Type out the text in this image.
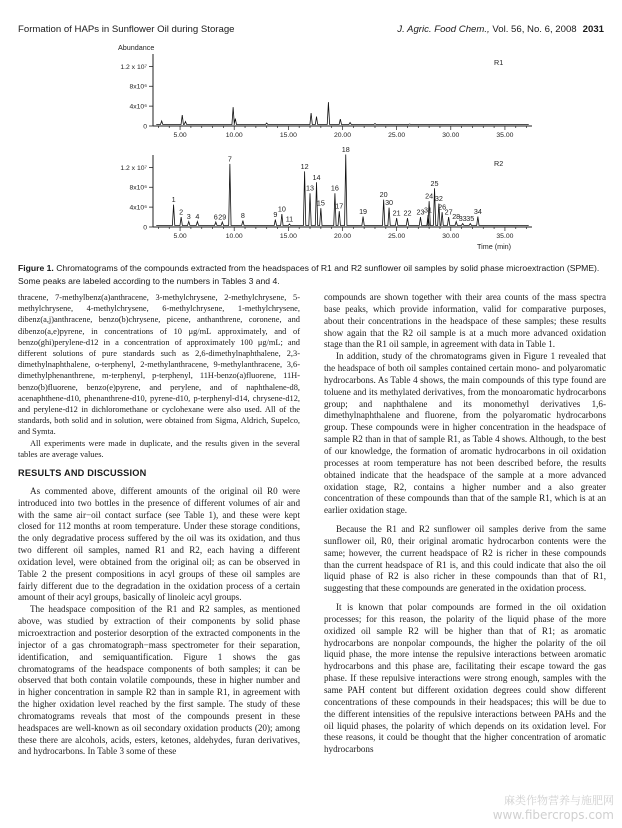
Formation of HAPs in Sunflower Oil during Storage	J. Agric. Food Chem., Vol. 56, No. 6, 2008 2031
1.2 x 10⁷
8x10⁶
4x10⁶
0
5.00	10.00	15.00	20.00	25.00	30.00	35.00
R1
1.2 x 10⁷
8x10⁶
4x10⁶
0
5.00	10.00	15.00	20.00	25.00	30.00	35.00
1
2 3 4 6 29
7
8	9
10
11
12
13
14
15
16
17
18
19
20
30
21 22 23 31
24
25
32
26
27 28
33 35
34
R2
Abundance
Time (min)
Figure 1. Chromatograms of the compounds extracted from the headspaces of R1 and R2 sunflower oil samples by solid phase microextraction (SPME). Some peaks are labeled according to the numbers in Tables 3 and 4.

thracene, 7-methylbenz(a)anthracene, 3-methylchrysene, 2-methylchrysene, 5-methylchrysene, 4-methylchrysene, 6-methylchrysene, 1-methylchrysene, dibenz(a,j)anthracene, benzo(b)chrysene, picene, anthanthrene, coronene, and dibenzo(a,e)pyrene, in concentrations of 10 μg/mL approximately, and of benzo(ghi)perylene-d12 in a concentration of approximately 100 μg/mL; and different solutions of pure standards such as 2,6-dimethylnaphthalene, 2,3-dimethylnaphthalene, o-terphenyl, 2-methylanthracene, 9-methylanthracene, 3,6-dimethylphenanthrene, m-terphenyl, p-terphenyl, 11H-benzo(a)fluorene, 11H-benzo(b)fluorene, benzo(e)pyrene, and perylene, and of naphthalene-d8, acenaphthene-d10, phenanthrene-d10, pyrene-d10, p-terphenyl-d14, chrysene-d12, and perylene-d12 in dichloromethane or cyclohexane were also used. All of the standards, both solid and in solution, were obtained from Sigma, Aldrich, Supelco, and Symta.

All experiments were made in duplicate, and the results given in the several tables are average values.

RESULTS AND DISCUSSION

As commented above, different amounts of the original oil R0 were introduced into two bottles in the presence of different volumes of air and with the same air−oil contact surface (see Table 1), and these were kept closed for 112 months at room temperature. Under these storage conditions, the only degradative process suffered by the oil was its oxidation, and thus two different oil samples, named R1 and R2, each having a different oxidation level, were obtained from the original oil; as can be observed in Table 2 the present compositions in acyl groups of these oil samples are fairly different due to the degradation in the oxidation process of a certain amount of their acyl groups, basically of linoleic acyl groups.

The headspace composition of the R1 and R2 samples, as mentioned above, was studied by extraction of their components by solid phase microextraction and posterior desorption of the extracted components in the injector of a gas chromatograph−mass spectrometer for their separation, identification, and semiquantification. Figure 1 shows the gas chromatograms of the headspace components of both samples; it can be observed that both contain volatile compounds, these in higher number and in higher concentration in sample R2 than in sample R1, in agreement with the higher oxidation level reached by the first sample. The study of these chromatograms reveals that most of the compounds present in these headspaces are well-known as oil secondary oxidation products (20); among these there are alcohols, acids, esters, ketones, aldehydes, furan derivatives, and hydrocarbons. In Table 3 some of these

compounds are shown together with their area counts of the mass spectra base peaks, which provide information, valid for comparative purposes, about their concentrations in the headspace of these samples; these results show again that the R2 oil sample is at a much more advanced oxidation stage than the R1 oil sample, in agreement with data in Table 1.

In addition, study of the chromatograms given in Figure 1 revealed that the headspace of both oil samples contained certain mono- and polyaromatic hydrocarbons. As Table 4 shows, the main compounds of this type found are toluene and its methylated derivatives, from the monoaromatic hydrocarbons group; and naphthalene and its monomethyl derivatives 1,6-dimethylnaphthalene and fluorene, from the polyaromatic hydrocarbons group. These compounds were in higher concentration in the headspace of sample R2 than in that of sample R1, as Table 4 shows. Although, to the best of our knowledge, the formation of aromatic hydrocarbons in oil oxidation processes at room temperature has not been described before, the results obtained indicate that the headspace of the sample at a more advanced oxidation stage, R2, contains a higher number and a also greater concentration of these compounds than that of the sample R1, which is at an earlier oxidation stage.

Because the R1 and R2 sunflower oil samples derive from the same sunflower oil, R0, their original aromatic hydrocarbon contents were the same; however, the current headspace of R2 is richer in these compounds than the current headspace of R1 is, and this could indicate that also the oil liquid phase of R2 is also richer in these compounds than that of R1, suggesting that these compounds are generated in the oxidation process.

It is known that polar compounds are formed in the oil oxidation processes; for this reason, the polarity of the liquid phase of the more oxidized oil sample R2 will be higher than that of R1; as aromatic hydrocarbons are nonpolar compounds, the higher the polarity of the oil liquid phase, the more intense the repulsive interactions between aromatic hydrocarbons and this phase are, facilitating their escape toward the gas phase. If these repulsive interactions were strong enough, samples with the same PAH content but different oxidation degrees could show different concentrations of these compounds in their headspaces; this will be due to the different intensities of the repulsive interactions between PAHs and the oil liquid phases, the polarity of which depends on its oxidation level. For these reasons, it could be thought that the higher concentration of aromatic hydrocarbons

麻类作物营养与施肥网
www.fibercrops.com
